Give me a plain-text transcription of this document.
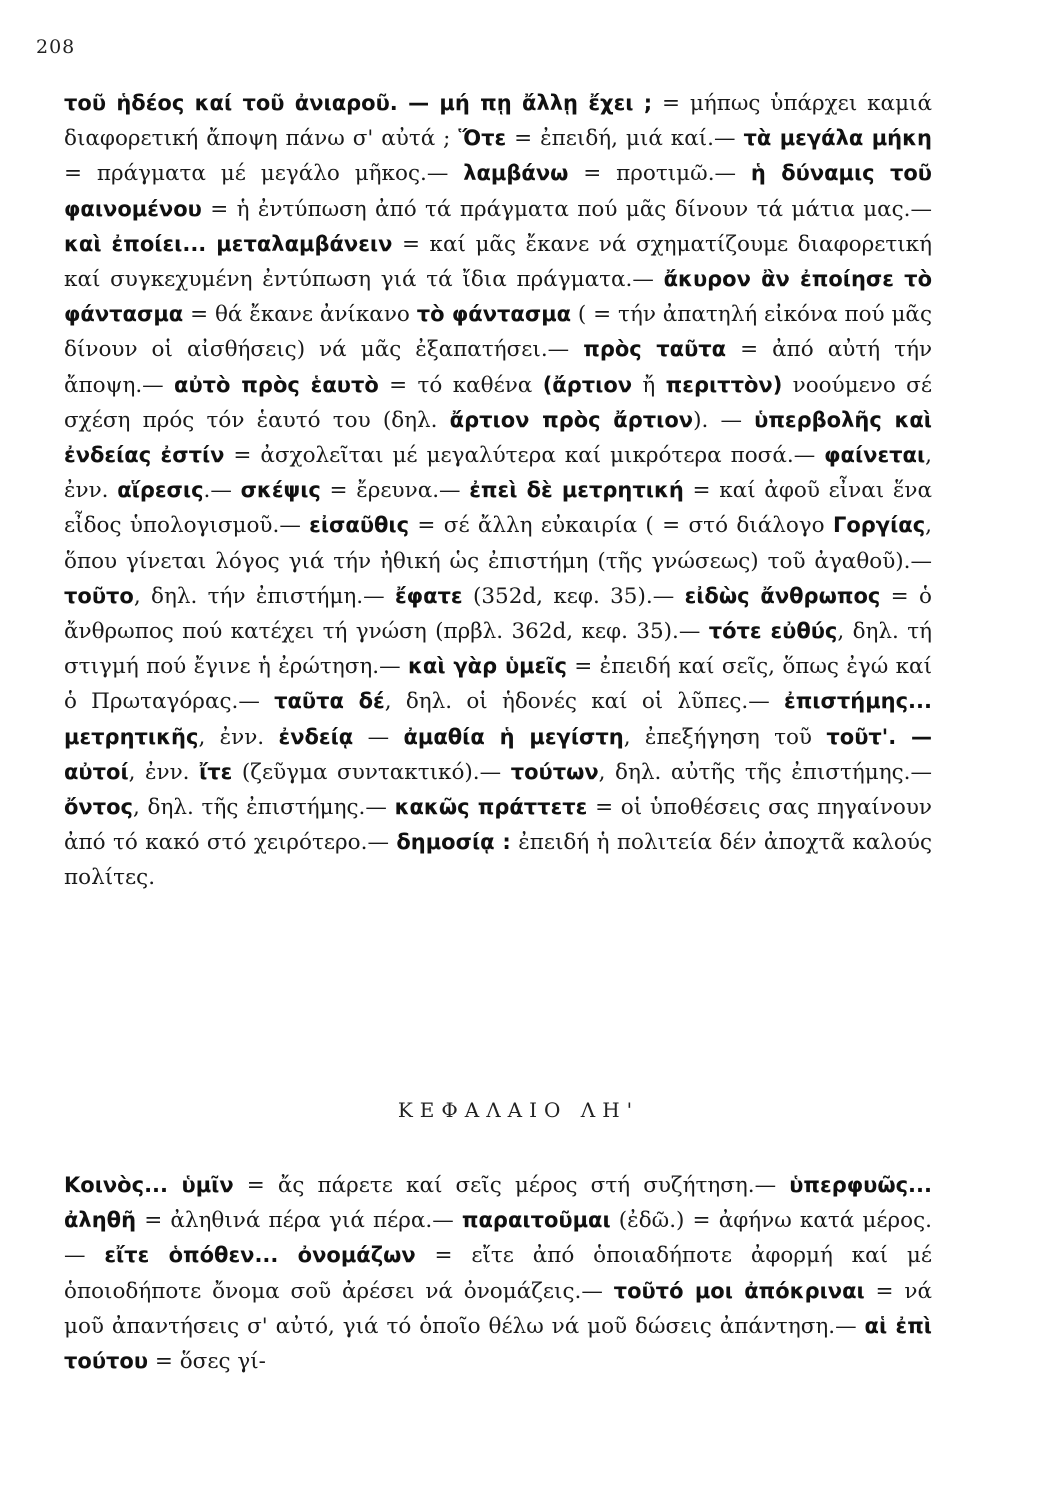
208

τοῦ ἡδέος καί τοῦ ἀνιαροῦ. — μή πῃ ἄλλῃ ἔχει ; = μήπως ὑπάρχει καμιά διαφορετική ἄποψη πάνω σ' αὐτά ; Ὅτε = ἐπειδή, μιά καί.— τὰ μεγάλα μήκη = πράγματα μέ μεγάλο μῆκος.— λαμβάνω = προτιμῶ.— ἡ δύναμις τοῦ φαινομένου = ἡ ἐντύπωση ἀπό τά πράγματα πού μᾶς δίνουν τά μάτια μας.— καὶ ἐποίει... μεταλαμβάνειν = καί μᾶς ἔκανε νά σχηματίζουμε διαφορετική καί συγκεχυμένη ἐντύπωση γιά τά ἴδια πράγματα.— ἄκυρον ἂν ἐποίησε τὸ φάντασμα = θά ἔκανε ἀνίκανο τὸ φάντασμα ( = τήν ἀπατηλή εἰκόνα πού μᾶς δίνουν οἱ αἰσθήσεις) νά μᾶς ἐξαπατήσει.— πρὸς ταῦτα = ἀπό αὐτή τήν ἄποψη.— αὐτὸ πρὸς ἑαυτὸ = τό καθένα (ἄρτιον ἤ περιττὸν) νοούμενο σέ σχέση πρός τόν ἑαυτό του (δηλ. ἄρτιον πρὸς ἄρτιον). — ὑπερβολῆς καὶ ἐνδείας ἐστίν = ἀσχολεῖται μέ μεγαλύτερα καί μικρότερα ποσά.— φαίνεται, ἐνν. αἵρεσις.— σκέψις = ἔρευνα.— ἐπεὶ δὲ μετρητική = καί ἀφοῦ εἶναι ἕνα εἶδος ὑπολογισμοῦ.— εἰσαῦθις = σέ ἄλλη εὐκαιρία ( = στό διάλογο Γοργίας, ὅπου γίνεται λόγος γιά τήν ἠθική ὡς ἐπιστήμη (τῆς γνώσεως) τοῦ ἀγαθοῦ).— τοῦτο, δηλ. τήν ἐπιστήμη.— ἔφατε (352d, κεφ. 35).— εἰδὼς ἄνθρωπος = ὁ ἄνθρωπος πού κατέχει τή γνώση (πρβλ. 362d, κεφ. 35).— τότε εὐθύς, δηλ. τή στιγμή πού ἔγινε ἡ ἐρώτηση.— καὶ γὰρ ὑμεῖς = ἐπειδή καί σεῖς, ὅπως ἐγώ καί ὁ Πρωταγόρας.— ταῦτα δέ, δηλ. οἱ ἡδονές καί οἱ λῦπες.— ἐπιστήμης... μετρητικῆς, ἐνν. ἐνδείᾳ — ἀμαθία ἡ μεγίστη, ἐπεξήγηση τοῦ τοῦτ'. — αὐτοί, ἐνν. ἴτε (ζεῦγμα συντακτικό).— τούτων, δηλ. αὐτῆς τῆς ἐπιστήμης.— ὄντος, δηλ. τῆς ἐπιστήμης.— κακῶς πράττετε = οἱ ὑποθέσεις σας πηγαίνουν ἀπό τό κακό στό χειρότερο.— δημοσίᾳ : ἐπειδή ἡ πολιτεία δέν ἀποχτᾶ καλούς πολίτες.

ΚΕΦΑΛΑΙΟ ΛΗ'

Κοινὸς... ὑμῖν = ἄς πάρετε καί σεῖς μέρος στή συζήτηση.— ὑπερφυῶς... ἀληθῆ = ἀληθινά πέρα γιά πέρα.— παραιτοῦμαι (ἐδῶ.) = ἀφήνω κατά μέρος.— εἴτε ὁπόθεν... ὀνομάζων = εἴτε ἀπό ὁποιαδήποτε ἀφορμή καί μέ ὁποιοδήποτε ὄνομα σοῦ ἀρέσει νά ὀνομάζεις.— τοῦτό μοι ἀπόκριναι = νά μοῦ ἀπαντήσεις σ' αὐτό, γιά τό ὁποῖο θέλω νά μοῦ δώσεις ἀπάντηση.— αἱ ἐπὶ τούτου = ὅσες γί-
